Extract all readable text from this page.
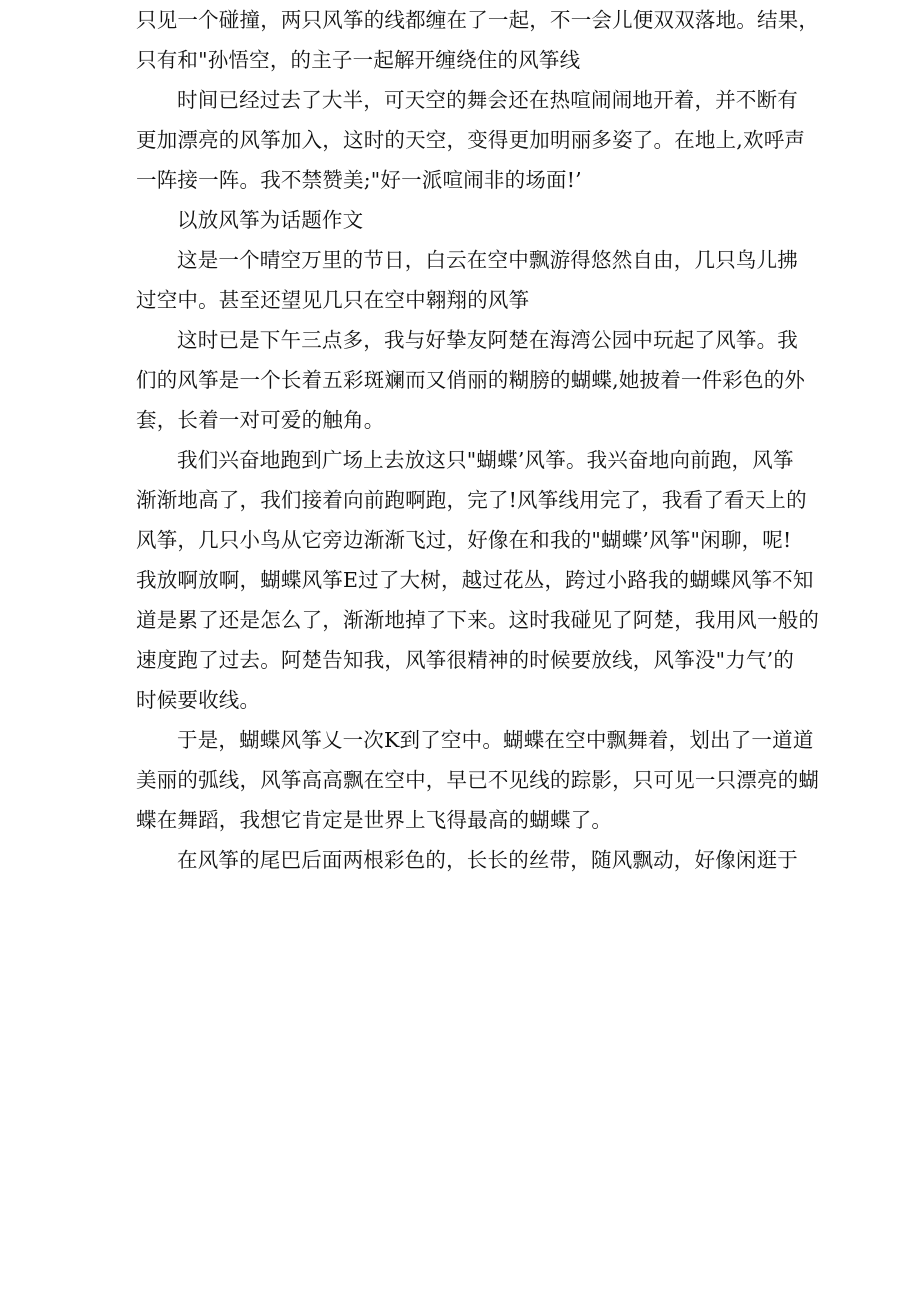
只见一个碰撞，两只风筝的线都缠在了一起，不一会儿便双双落地。结果，
只有和"孙悟空，的主子一起解开缠绕住的风筝线
时间已经过去了大半，可天空的舞会还在热喧闹闹地开着，并不断有
更加漂亮的风筝加入，这时的天空，变得更加明丽多姿了。在地上,欢呼声
一阵接一阵。我不禁赞美;"好一派喧闹非的场面!’
以放风筝为话题作文
这是一个晴空万里的节日，白云在空中飘游得悠然自由，几只鸟儿拂
过空中。甚至还望见几只在空中翱翔的风筝
这时已是下午三点多，我与好挚友阿楚在海湾公园中玩起了风筝。我
们的风筝是一个长着五彩斑斓而又俏丽的糊膀的蝴蝶,她披着一件彩色的外
套，长着一对可爱的触角。
我们兴奋地跑到广场上去放这只"蝴蝶’风筝。我兴奋地向前跑，风筝
渐渐地高了，我们接着向前跑啊跑，完了!风筝线用完了，我看了看天上的
风筝，几只小鸟从它旁边渐渐飞过，好像在和我的"蝴蝶’风筝"闲聊，呢!
我放啊放啊，蝴蝶风筝E过了大树，越过花丛，跨过小路我的蝴蝶风筝不知
道是累了还是怎么了，渐渐地掉了下来。这时我碰见了阿楚，我用风一般的
速度跑了过去。阿楚告知我，风筝很精神的时候要放线，风筝没"力气’的
时候要收线。
于是，蝴蝶风筝乂一次K到了空中。蝴蝶在空中飘舞着，划出了一道道
美丽的弧线，风筝高高飘在空中，早已不见线的踪影，只可见一只漂亮的蝴
蝶在舞蹈，我想它肯定是世界上飞得最高的蝴蝶了。
在风筝的尾巴后面两根彩色的，长长的丝带，随风飘动，好像闲逛于
